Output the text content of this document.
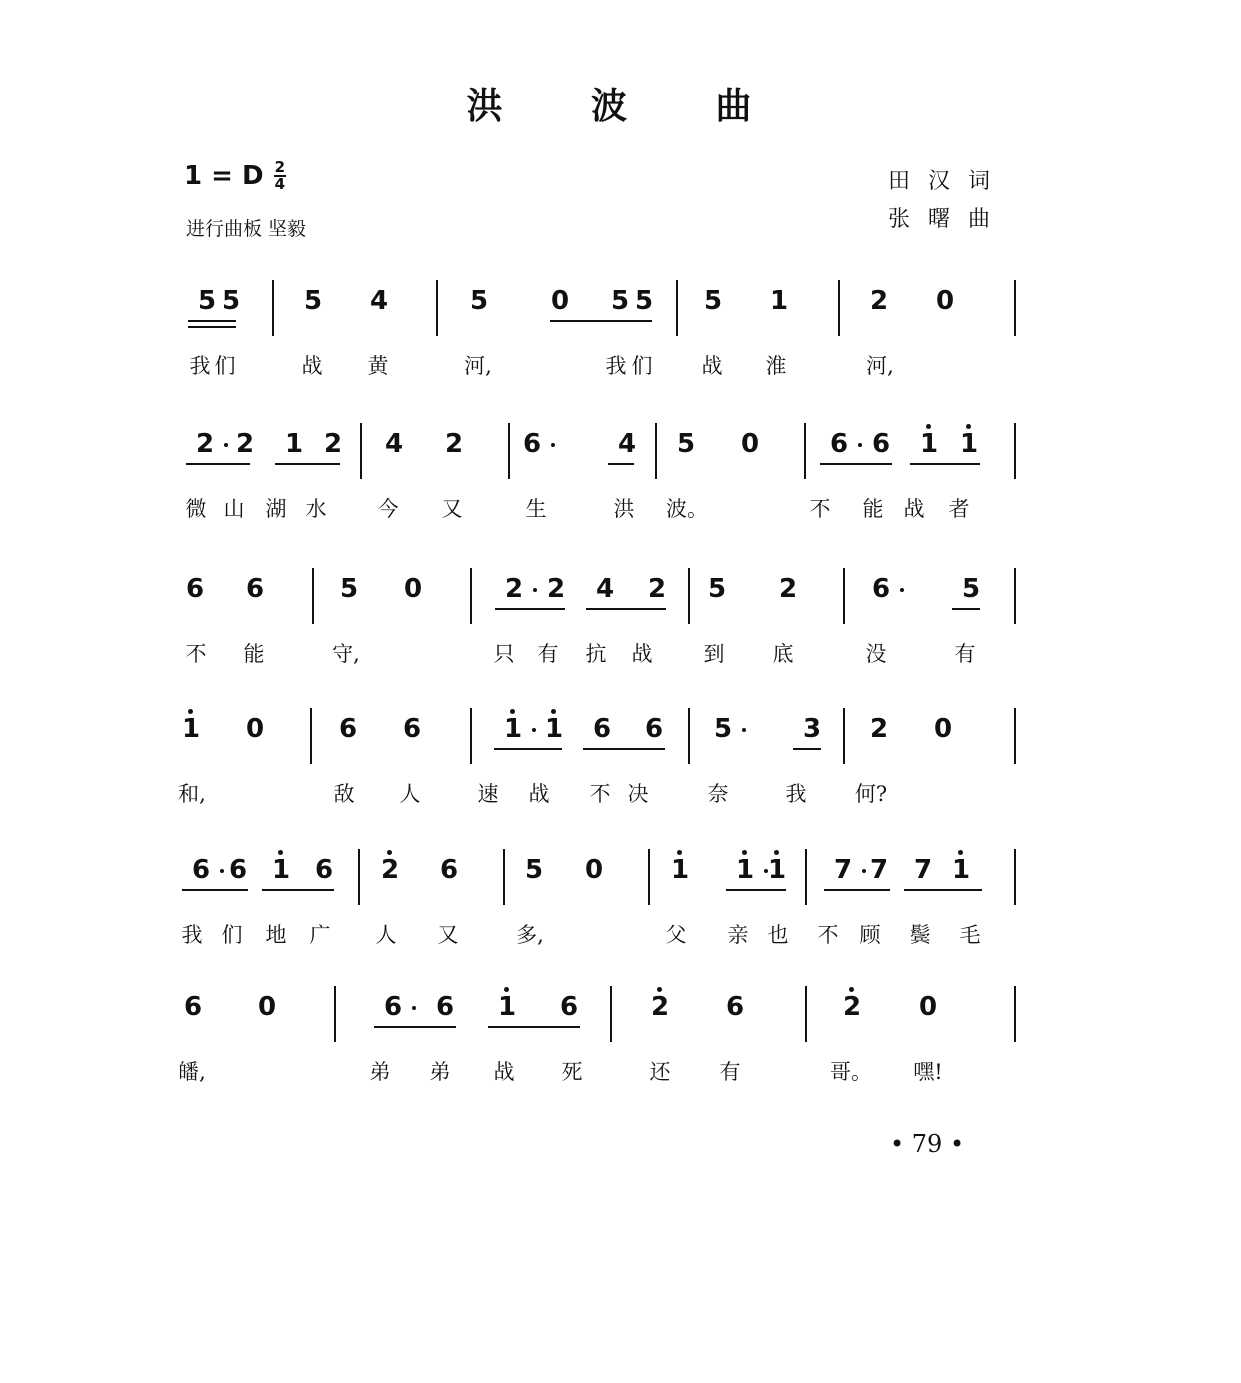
洪 波 曲
1 = D 2
4
进行曲板 坚毅
田汉词
张曙曲
5 5	5	4	5	0	5 5	5	1	2	0
我 们	战	黄	河,	我 们	战	淮	河,
2 2	1 2	4	2	6	4	5	0	6 6	1 1
微 山	湖 水	今	又	生	洪	波。	不	能 战	者
6	6	5	0	2 2	4	2	5	2	6	5
不	能	守,	只	有	抗	战	到	底	没	有
1	0	6	6	1 1	6	6	5	3	2	0
和,	敌	人	速	战	不 决	奈	我	何?
6 6 1 6	2	6	5	0	1	1 1	7 7 7 1
我 们	地	广	人	又	多,	父	亲 也	不	顾	鬓	毛
6	0	6	6	1	6	2	6	2	0
皤,	弟	弟	战	死	还	有	哥。 嘿!
• 79 •
